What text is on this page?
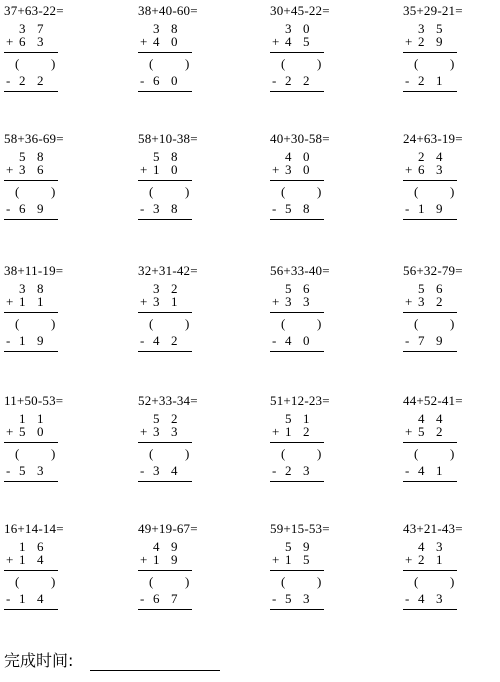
37+63-22=
3 7
+ 6 3
( )
- 2 2
38+40-60=
3 8
+ 4 0
( )
- 6 0
30+45-22=
3 0
+ 4 5
( )
- 2 2
35+29-21=
3 5
+ 2 9
( )
- 2 1
58+36-69=
5 8
+ 3 6
( )
- 6 9
58+10-38=
5 8
+ 1 0
( )
- 3 8
40+30-58=
4 0
+ 3 0
( )
- 5 8
24+63-19=
2 4
+ 6 3
( )
- 1 9
38+11-19=
3 8
+ 1 1
( )
- 1 9
32+31-42=
3 2
+ 3 1
( )
- 4 2
56+33-40=
5 6
+ 3 3
( )
- 4 0
56+32-79=
5 6
+ 3 2
( )
- 7 9
11+50-53=
1 1
+ 5 0
( )
- 5 3
52+33-34=
5 2
+ 3 3
( )
- 3 4
51+12-23=
5 1
+ 1 2
( )
- 2 3
44+52-41=
4 4
+ 5 2
( )
- 4 1
16+14-14=
1 6
+ 1 4
( )
- 1 4
49+19-67=
4 9
+ 1 9
( )
- 6 7
59+15-53=
5 9
+ 1 5
( )
- 5 3
43+21-43=
4 3
+ 2 1
( )
- 4 3
完成时间:
